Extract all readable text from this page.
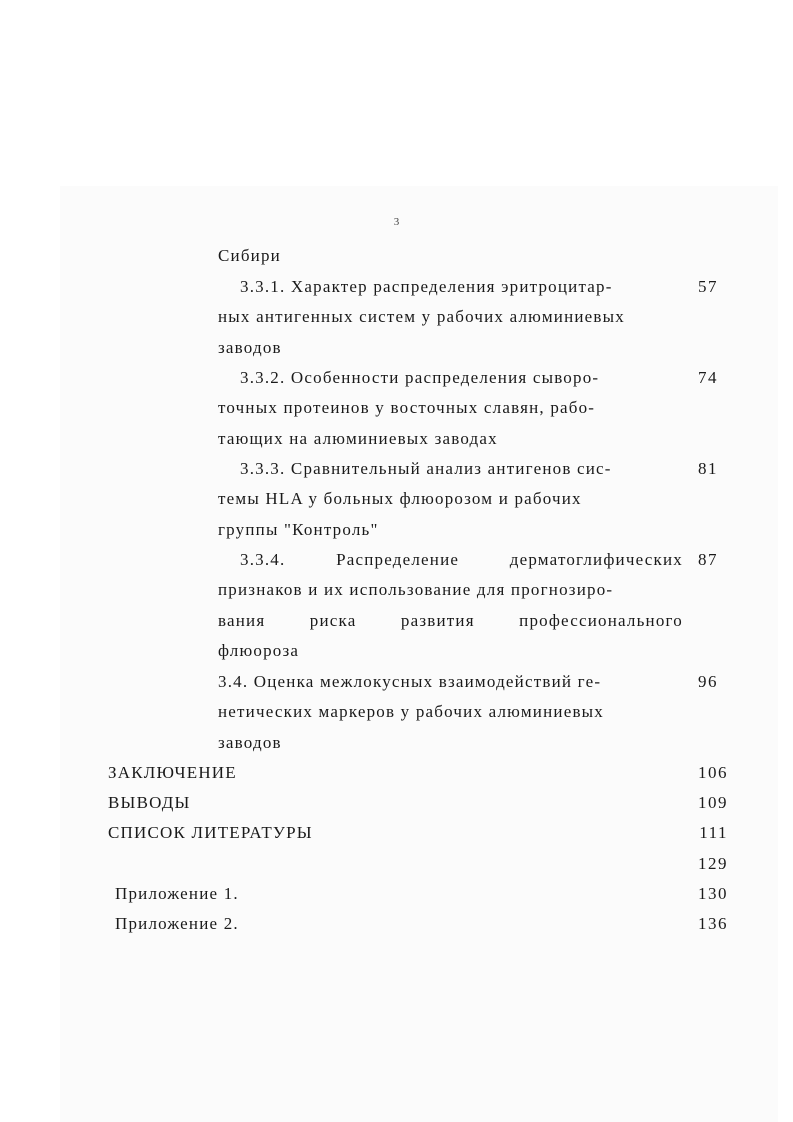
3
Сибири
3.3.1. Характер распределения эритроцитар-	57
ных антигенных систем у рабочих алюминиевых
заводов
3.3.2. Особенности распределения сыворо-	74
точных протеинов у восточных славян, рабо-
тающих на алюминиевых заводах
3.3.3. Сравнительный анализ антигенов сис-	81
темы HLA у больных флюорозом и рабочих
группы "Контроль"
3.3.4.	Распределение	дерматоглифических 87
признаков и их использование для прогнозиро-
вания	риска	развития	профессионального
флюороза
3.4. Оценка межлокусных взаимодействий ге-	96
нетических маркеров у рабочих алюминиевых
заводов
ЗАКЛЮЧЕНИЕ	106
ВЫВОДЫ	109
СПИСОК ЛИТЕРАТУРЫ	111
129
Приложение 1.	130
Приложение 2.	136
